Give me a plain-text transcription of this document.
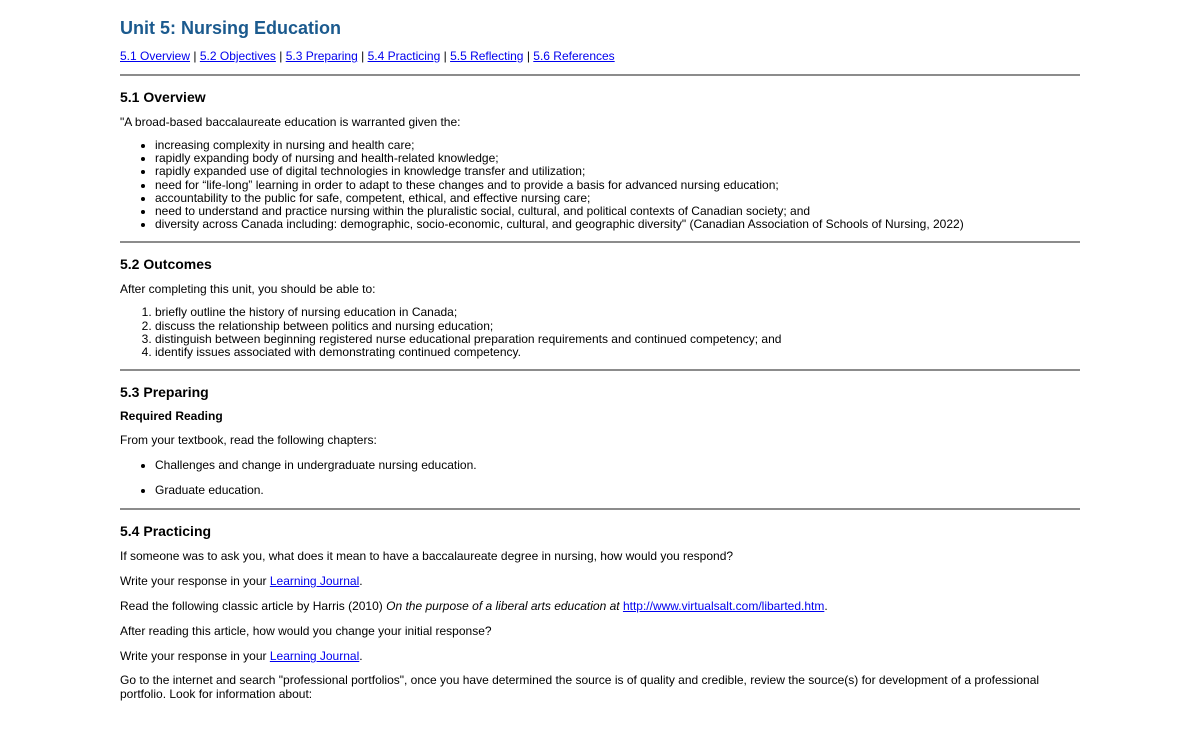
Unit 5: Nursing Education
5.1 Overview | 5.2 Objectives | 5.3 Preparing | 5.4 Practicing | 5.5 Reflecting | 5.6 References
5.1 Overview

"A broad-based baccalaureate education is warranted given the:

• increasing complexity in nursing and health care;
• rapidly expanding body of nursing and health-related knowledge;
• rapidly expanded use of digital technologies in knowledge transfer and utilization;
• need for “life-long” learning in order to adapt to these changes and to provide a basis for advanced nursing education;
• accountability to the public for safe, competent, ethical, and effective nursing care;
• need to understand and practice nursing within the pluralistic social, cultural, and political contexts of Canadian society; and
• diversity across Canada including: demographic, socio-economic, cultural, and geographic diversity" (Canadian Association of Schools of Nursing, 2022)
5.2 Outcomes

After completing this unit, you should be able to:

1. briefly outline the history of nursing education in Canada;
2. discuss the relationship between politics and nursing education;
3. distinguish between beginning registered nurse educational preparation requirements and continued competency; and
4. identify issues associated with demonstrating continued competency.
5.3 Preparing

Required Reading

From your textbook, read the following chapters:

• Challenges and change in undergraduate nursing education.
• Graduate education.
5.4 Practicing

If someone was to ask you, what does it mean to have a baccalaureate degree in nursing, how would you respond?

Write your response in your Learning Journal.

Read the following classic article by Harris (2010) On the purpose of a liberal arts education at http://www.virtualsalt.com/libarted.htm.

After reading this article, how would you change your initial response?

Write your response in your Learning Journal.

Go to the internet and search "professional portfolios", once you have determined the source is of quality and credible, review the source(s) for development of a professional portfolio. Look for information about:
